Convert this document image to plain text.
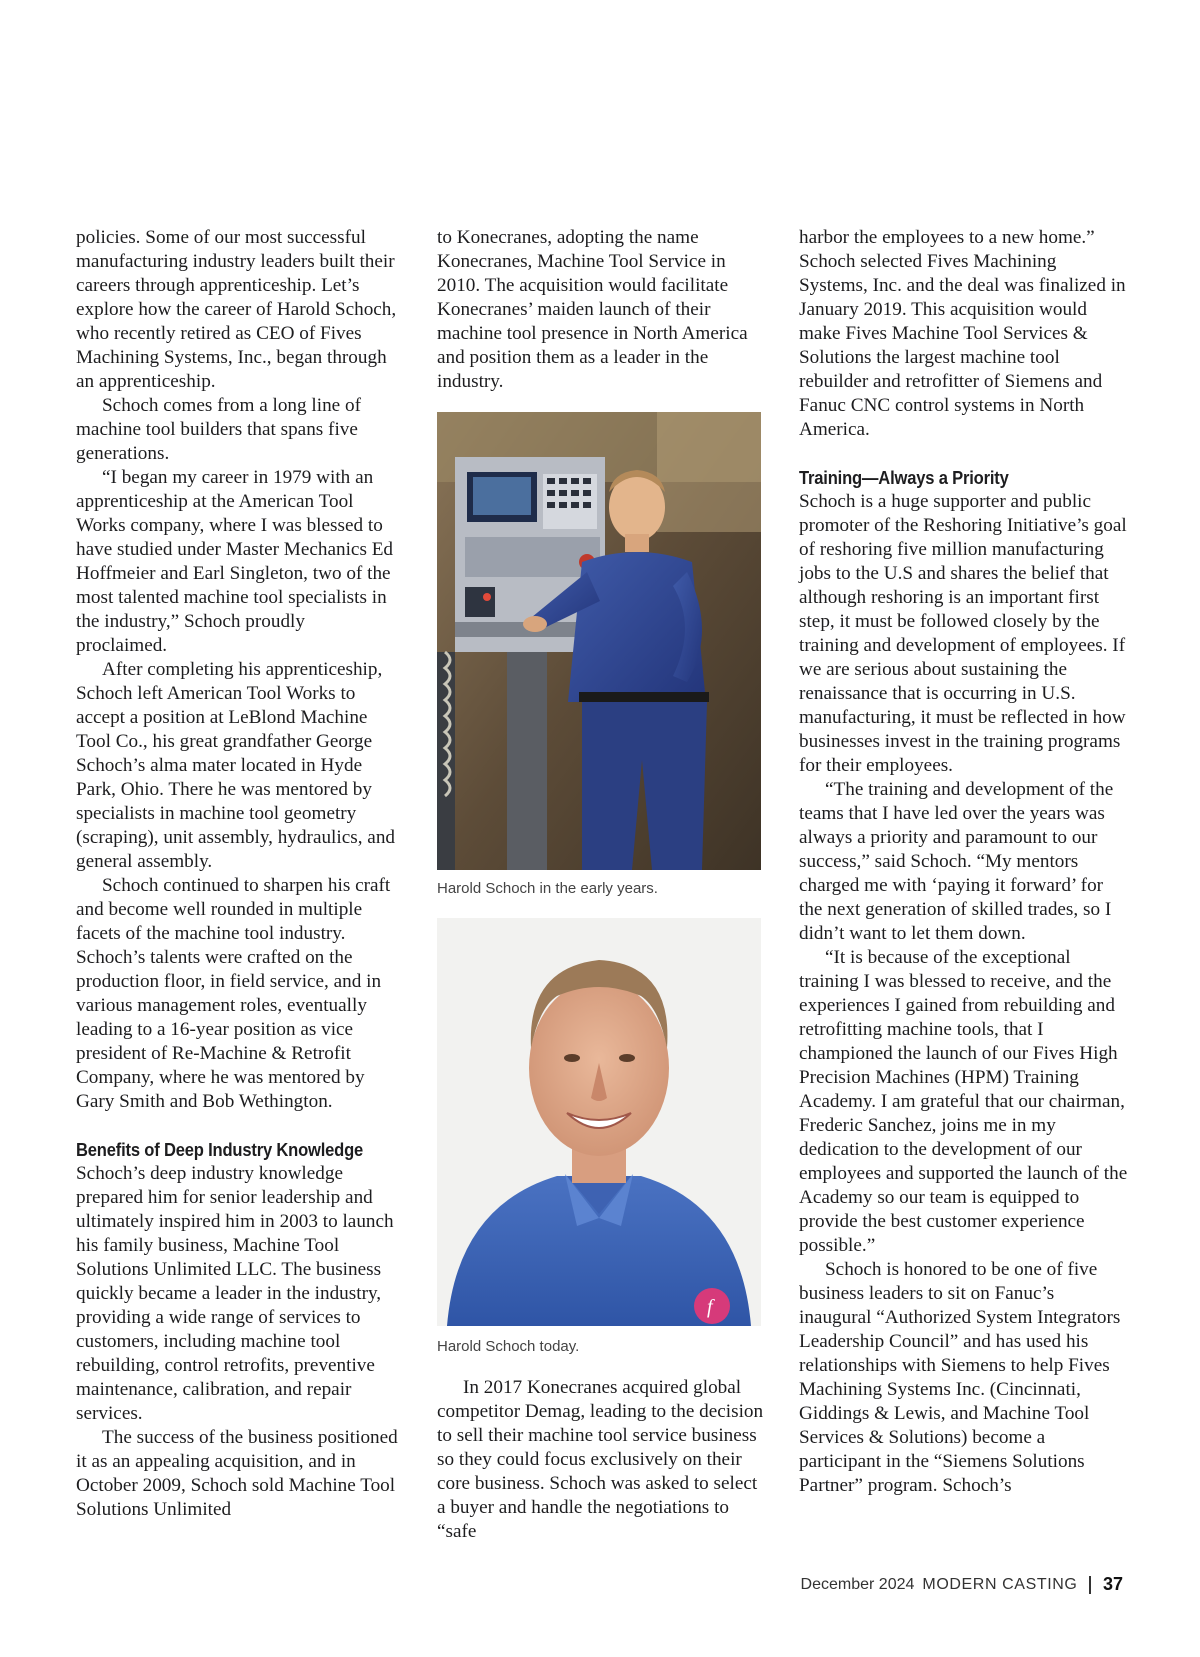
policies. Some of our most successful manufacturing industry leaders built their careers through apprenticeship. Let’s explore how the career of Harold Schoch, who recently retired as CEO of Fives Machining Systems, Inc., began through an apprenticeship.

Schoch comes from a long line of machine tool builders that spans five generations.

“I began my career in 1979 with an apprenticeship at the American Tool Works company, where I was blessed to have studied under Master Mechanics Ed Hoffmeier and Earl Singleton, two of the most talented machine tool specialists in the industry,” Schoch proudly proclaimed.

After completing his apprenticeship, Schoch left American Tool Works to accept a position at LeBlond Machine Tool Co., his great grandfather George Schoch’s alma mater located in Hyde Park, Ohio. There he was mentored by specialists in machine tool geometry (scraping), unit assembly, hydraulics, and general assembly.

Schoch continued to sharpen his craft and become well rounded in multiple facets of the machine tool industry. Schoch’s talents were crafted on the production floor, in field service, and in various management roles, eventually leading to a 16-year position as vice president of Re-Machine & Retrofit Company, where he was mentored by Gary Smith and Bob Wethington.

Benefits of Deep Industry Knowledge

Schoch’s deep industry knowledge prepared him for senior leadership and ultimately inspired him in 2003 to launch his family business, Machine Tool Solutions Unlimited LLC. The business quickly became a leader in the industry, providing a wide range of services to customers, including machine tool rebuilding, control retrofits, preventive maintenance, calibration, and repair services.

The success of the business positioned it as an appealing acquisition, and in October 2009, Schoch sold Machine Tool Solutions Unlimited

to Konecranes, adopting the name Konecranes, Machine Tool Service in 2010. The acquisition would facilitate Konecranes’ maiden launch of their machine tool presence in North America and position them as a leader in the industry.

Harold Schoch in the early years.
f
Harold Schoch today.

In 2017 Konecranes acquired global competitor Demag, leading to the decision to sell their machine tool service business so they could focus exclusively on their core business. Schoch was asked to select a buyer and handle the negotiations to “safe

harbor the employees to a new home.” Schoch selected Fives Machining Systems, Inc. and the deal was finalized in January 2019. This acquisition would make Fives Machine Tool Services & Solutions the largest machine tool rebuilder and retrofitter of Siemens and Fanuc CNC control systems in North America.

Training—Always a Priority

Schoch is a huge supporter and public promoter of the Reshoring Initiative’s goal of reshoring five million manufacturing jobs to the U.S and shares the belief that although reshoring is an important first step, it must be followed closely by the training and development of employees. If we are serious about sustaining the renaissance that is occurring in U.S. manufacturing, it must be reflected in how businesses invest in the training programs for their employees.

“The training and development of the teams that I have led over the years was always a priority and paramount to our success,” said Schoch. “My mentors charged me with ‘paying it forward’ for the next generation of skilled trades, so I didn’t want to let them down.

“It is because of the exceptional training I was blessed to receive, and the experiences I gained from rebuilding and retrofitting machine tools, that I championed the launch of our Fives High Precision Machines (HPM) Training Academy. I am grateful that our chairman, Frederic Sanchez, joins me in my dedication to the development of our employees and supported the launch of the Academy so our team is equipped to provide the best customer experience possible.”

Schoch is honored to be one of five business leaders to sit on Fanuc’s inaugural “Authorized System Integrators Leadership Council” and has used his relationships with Siemens to help Fives Machining Systems Inc. (Cincinnati, Giddings & Lewis, and Machine Tool Services & Solutions) become a participant in the “Siemens Solutions Partner” program. Schoch’s

December 2024 MODERN CASTING 37
